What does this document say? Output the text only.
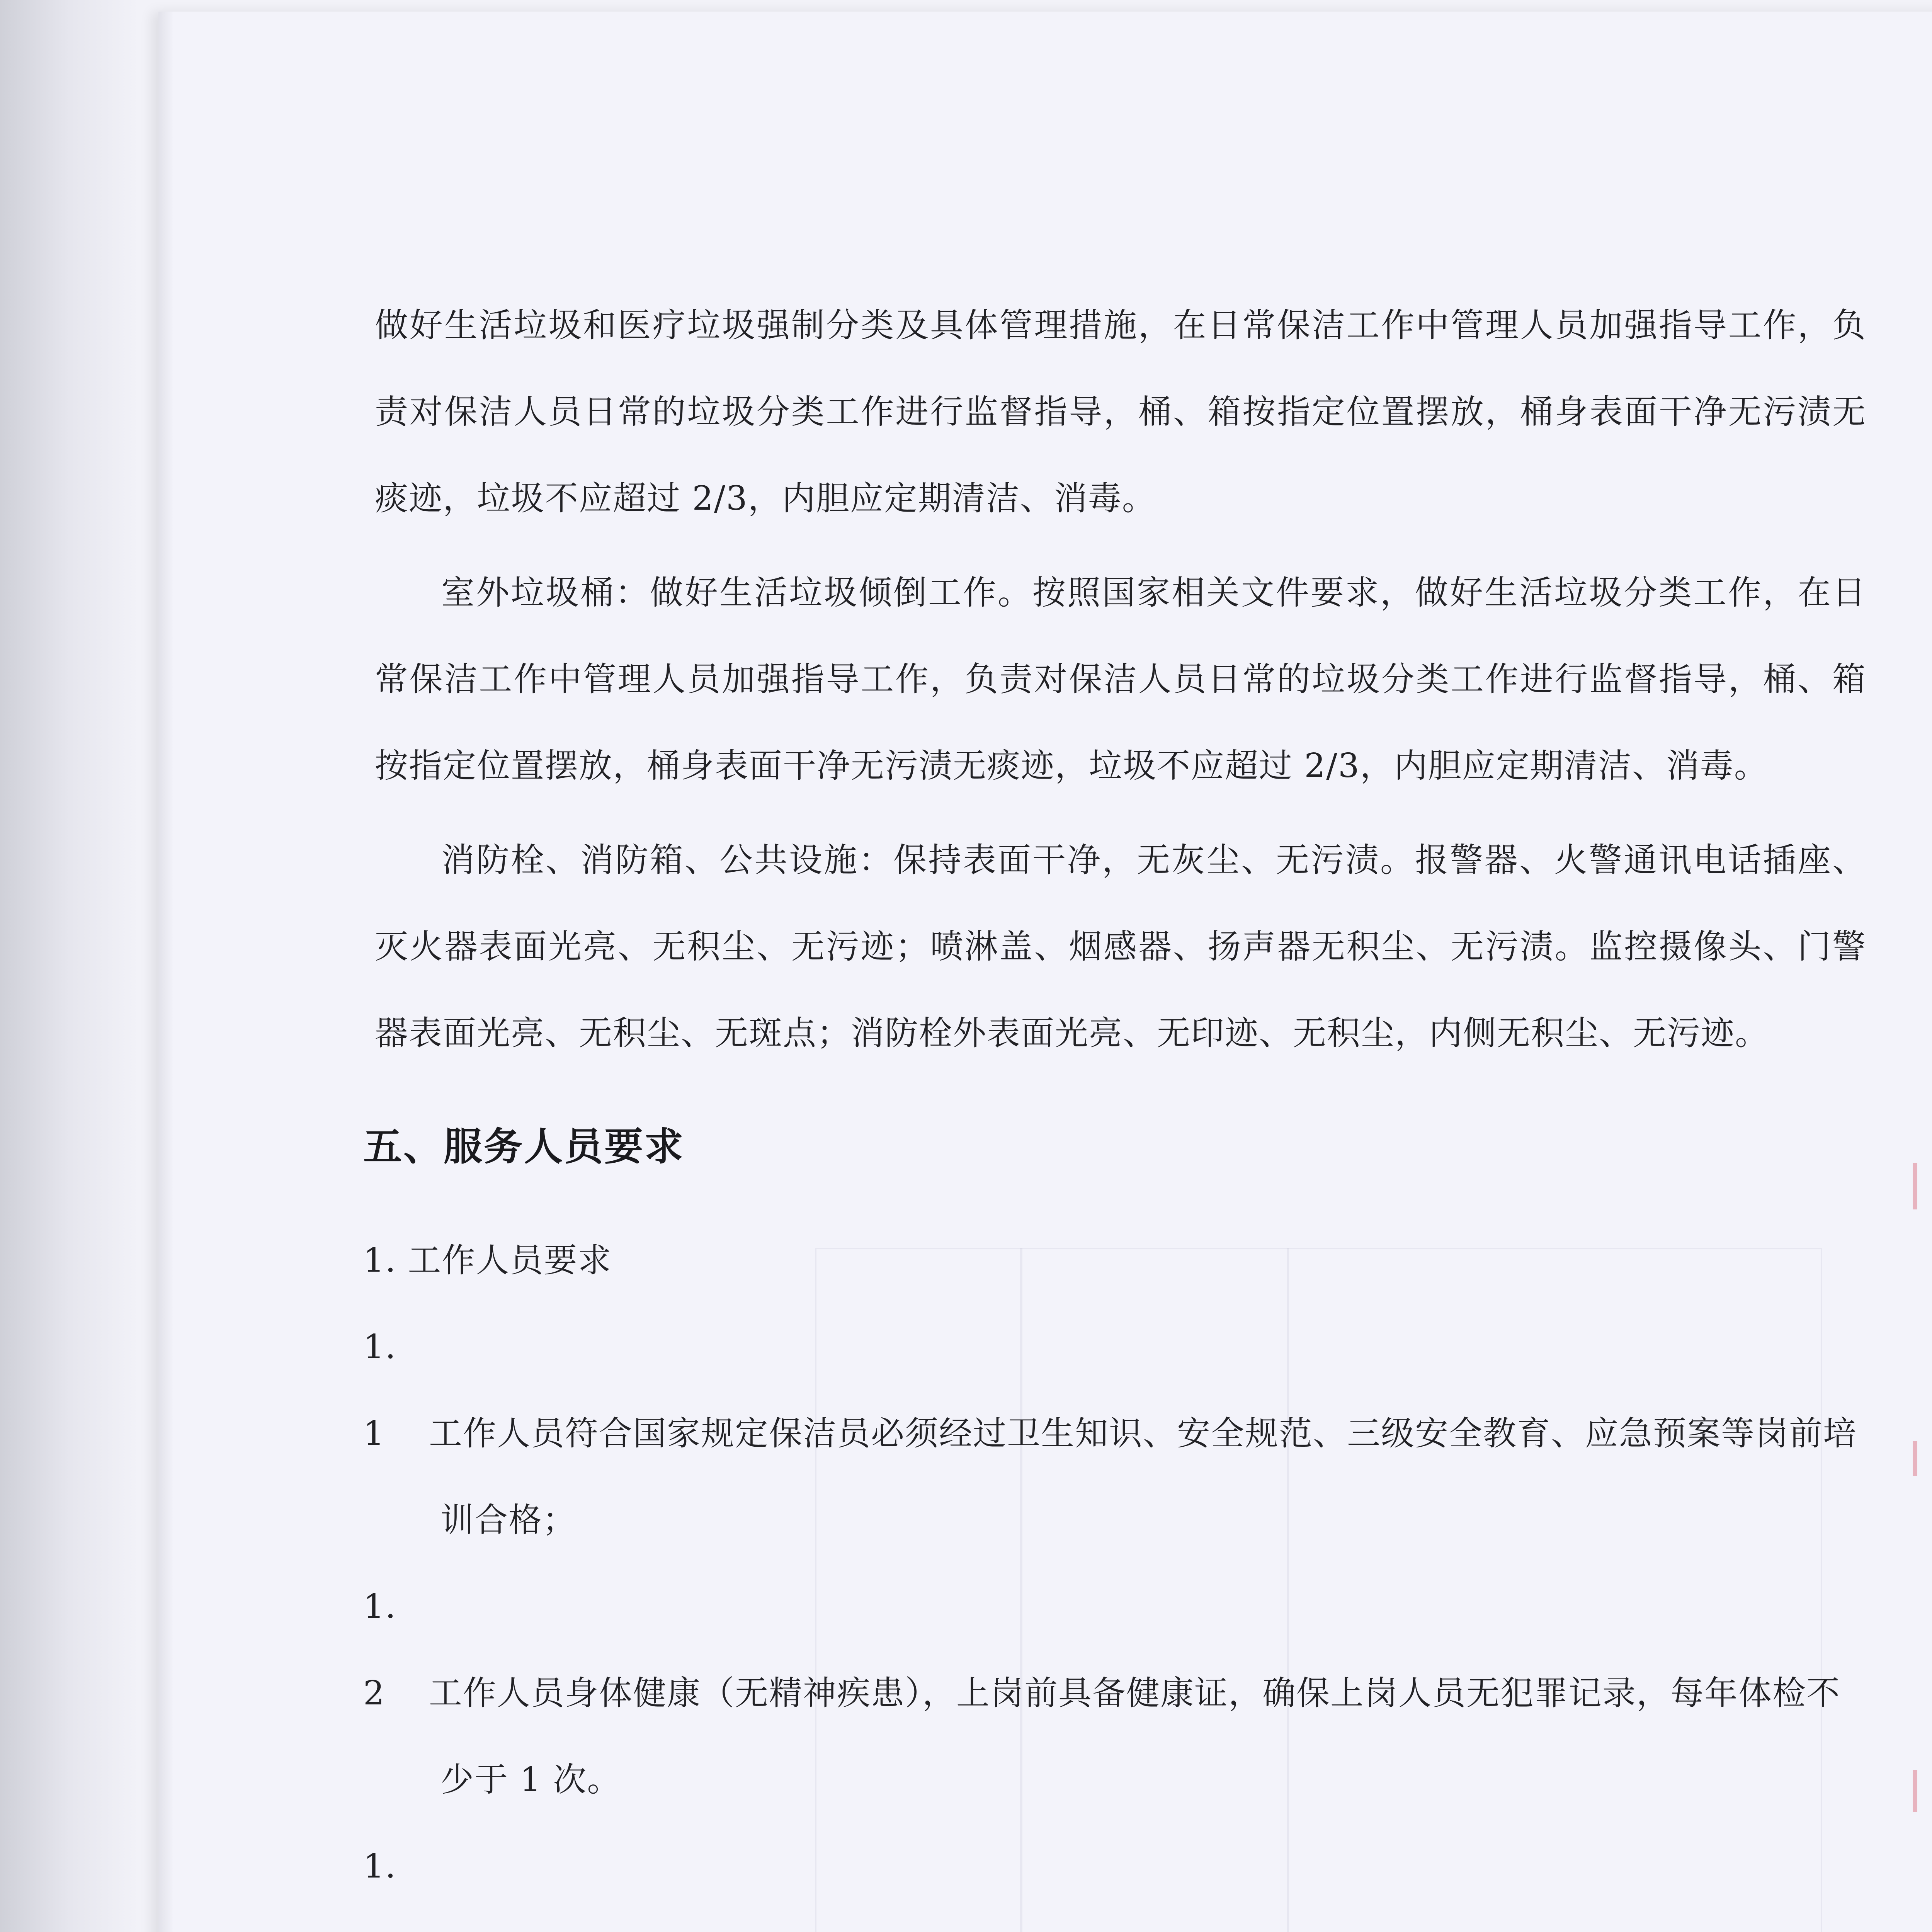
做好生活垃圾和医疗垃圾强制分类及具体管理措施，在日常保洁工作中管理人员加强指导工作，负责对保洁人员日常的垃圾分类工作进行监督指导，桶、箱按指定位置摆放，桶身表面干净无污渍无痰迹，垃圾不应超过 2/3，内胆应定期清洁、消毒。

室外垃圾桶：做好生活垃圾倾倒工作。按照国家相关文件要求，做好生活垃圾分类工作，在日常保洁工作中管理人员加强指导工作，负责对保洁人员日常的垃圾分类工作进行监督指导，桶、箱按指定位置摆放，桶身表面干净无污渍无痰迹，垃圾不应超过 2/3，内胆应定期清洁、消毒。

消防栓、消防箱、公共设施：保持表面干净，无灰尘、无污渍。报警器、火警通讯电话插座、灭火器表面光亮、无积尘、无污迹；喷淋盖、烟感器、扬声器无积尘、无污渍。监控摄像头、门警器表面光亮、无积尘、无斑点；消防栓外表面光亮、无印迹、无积尘，内侧无积尘、无污迹。

五、服务人员要求
1. 工作人员要求
1. 1 工作人员符合国家规定保洁员必须经过卫生知识、安全规范、三级安全教育、应急预案等岗前培训合格；
1. 2 工作人员身体健康（无精神疾患），上岗前具备健康证，确保上岗人员无犯罪记录，每年体检不少于 1 次。
1.
